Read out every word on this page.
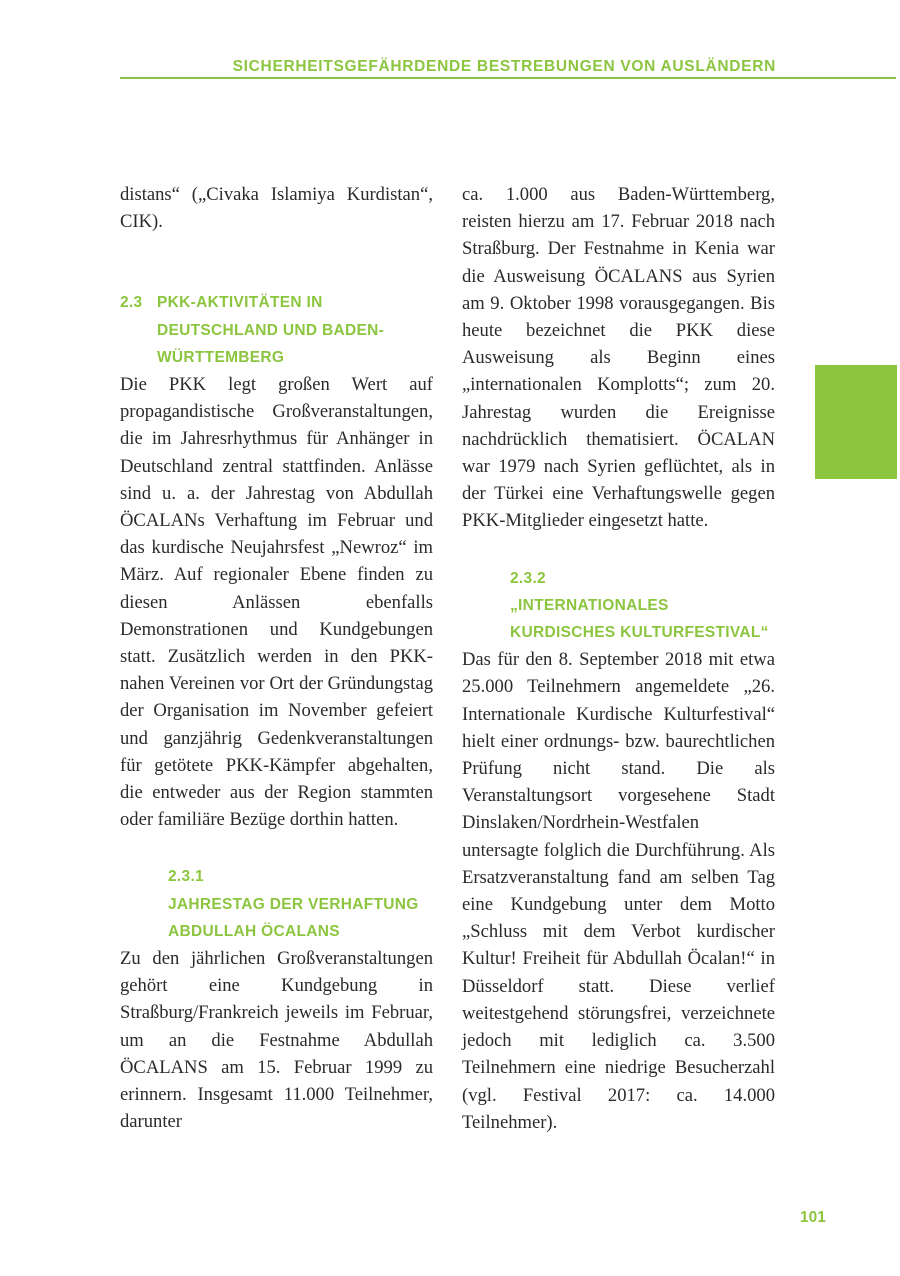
SICHERHEITSGEFÄHRDENDE BESTREBUNGEN VON AUSLÄNDERN

distans“ („Civaka Islamiya Kurdistan“, CIK).

2.3 PKK-AKTIVITÄTEN IN DEUTSCHLAND UND BADEN-WÜRTTEMBERG

Die PKK legt großen Wert auf propagandistische Großveranstaltungen, die im Jahresrhythmus für Anhänger in Deutschland zentral stattfinden. Anlässe sind u. a. der Jahrestag von Abdullah ÖCALANs Verhaftung im Februar und das kurdische Neujahrsfest „Newroz“ im März. Auf regionaler Ebene finden zu diesen Anlässen ebenfalls Demonstrationen und Kundgebungen statt. Zusätzlich werden in den PKK-nahen Vereinen vor Ort der Gründungstag der Organisation im November gefeiert und ganzjährig Gedenkveranstaltungen für getötete PKK-Kämpfer abgehalten, die entweder aus der Region stammten oder familiäre Bezüge dorthin hatten.

2.3.1
JAHRESTAG DER VERHAFTUNG ABDULLAH ÖCALANS

Zu den jährlichen Großveranstaltungen gehört eine Kundgebung in Straßburg/Frankreich jeweils im Februar, um an die Festnahme Abdullah ÖCALANS am 15. Februar 1999 zu erinnern. Insgesamt 11.000 Teilnehmer, darunter

ca. 1.000 aus Baden-Württemberg, reisten hierzu am 17. Februar 2018 nach Straßburg. Der Festnahme in Kenia war die Ausweisung ÖCALANS aus Syrien am 9. Oktober 1998 vorausgegangen. Bis heute bezeichnet die PKK diese Ausweisung als Beginn eines „internationalen Komplotts“; zum 20. Jahrestag wurden die Ereignisse nachdrücklich thematisiert. ÖCALAN war 1979 nach Syrien geflüchtet, als in der Türkei eine Verhaftungswelle gegen PKK-Mitglieder eingesetzt hatte.

2.3.2
„INTERNATIONALES KURDISCHES KULTURFESTIVAL“

Das für den 8. September 2018 mit etwa 25.000 Teilnehmern angemeldete „26. Internationale Kurdische Kulturfestival“ hielt einer ordnungs- bzw. baurechtlichen Prüfung nicht stand. Die als Veranstaltungsort vorgesehene Stadt Dinslaken/Nordrhein-Westfalen untersagte folglich die Durchführung. Als Ersatzveranstaltung fand am selben Tag eine Kundgebung unter dem Motto „Schluss mit dem Verbot kurdischer Kultur! Freiheit für Abdullah Öcalan!“ in Düsseldorf statt. Diese verlief weitestgehend störungsfrei, verzeichnete jedoch mit lediglich ca. 3.500 Teilnehmern eine niedrige Besucherzahl (vgl. Festival 2017: ca. 14.000 Teilnehmer).

101
